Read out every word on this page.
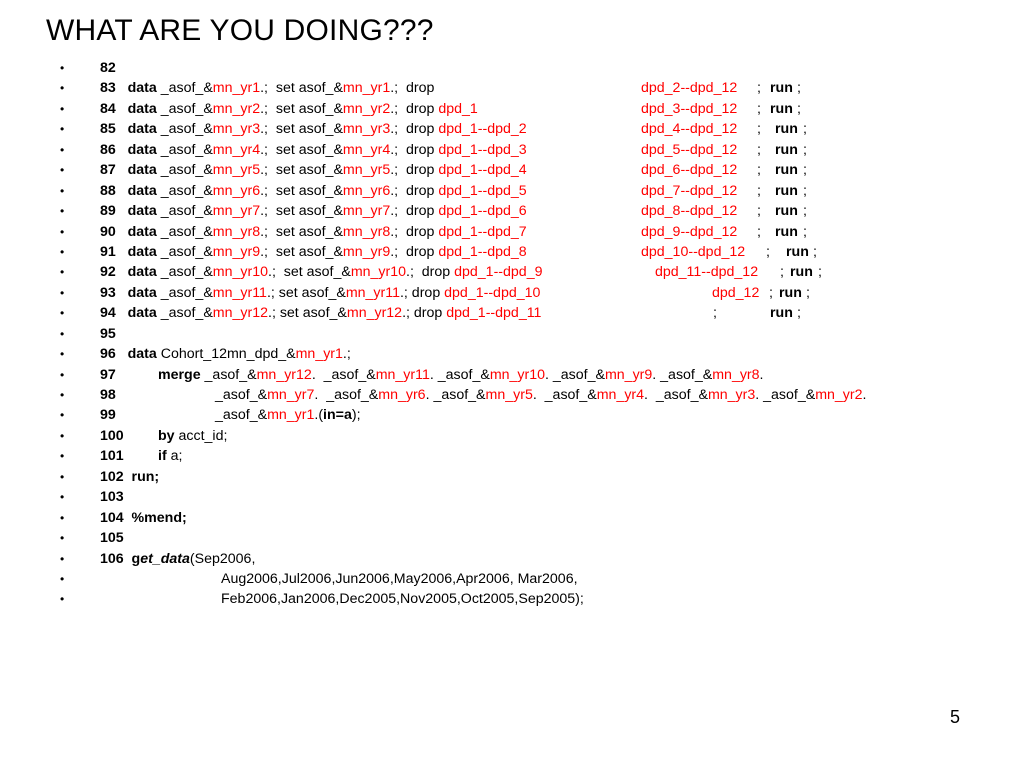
WHAT ARE YOU DOING???
•	82
•	83   data _asof_&mn_yr1.;  set asof_&mn_yr1.;  drop	dpd_2--dpd_12 ; run ;
•	84   data _asof_&mn_yr2.;  set asof_&mn_yr2.;  drop dpd_1	dpd_3--dpd_12 ; run ;
•	85   data _asof_&mn_yr3.;  set asof_&mn_yr3.;  drop dpd_1--dpd_2	dpd_4--dpd_12 ; run ;
•	86   data _asof_&mn_yr4.;  set asof_&mn_yr4.;  drop dpd_1--dpd_3	dpd_5--dpd_12 ; run ;
•	87   data _asof_&mn_yr5.;  set asof_&mn_yr5.;  drop dpd_1--dpd_4	dpd_6--dpd_12 ; run ;
•	88   data _asof_&mn_yr6.;  set asof_&mn_yr6.;  drop dpd_1--dpd_5	dpd_7--dpd_12 ; run ;
•	89   data _asof_&mn_yr7.;  set asof_&mn_yr7.;  drop dpd_1--dpd_6	dpd_8--dpd_12 ; run ;
•	90   data _asof_&mn_yr8.;  set asof_&mn_yr8.;  drop dpd_1--dpd_7	dpd_9--dpd_12 ; run ;
•	91   data _asof_&mn_yr9.;  set asof_&mn_yr9.;  drop dpd_1--dpd_8	dpd_10--dpd_12 ; run ;
•	92   data _asof_&mn_yr10.;  set asof_&mn_yr10.;  drop dpd_1--dpd_9	dpd_11--dpd_12 ; run ;
•	93   data _asof_&mn_yr11.; set asof_&mn_yr11.; drop dpd_1--dpd_10	dpd_12 ; run ;
•	94   data _asof_&mn_yr12.; set asof_&mn_yr12.; drop dpd_1--dpd_11	;	run ;
•	95
•	96   data Cohort_12mn_dpd_&mn_yr1.;
•	97	merge _asof_&mn_yr12.  _asof_&mn_yr11. _asof_&mn_yr10. _asof_&mn_yr9. _asof_&mn_yr8.
•	98	_asof_&mn_yr7.  _asof_&mn_yr6. _asof_&mn_yr5.  _asof_&mn_yr4.  _asof_&mn_yr3. _asof_&mn_yr2.
•	99	_asof_&mn_yr1.(in=a);
•	100 by acct_id;
•	101 if a;
•	102  run;
•	103
•	104  %mend;
•	105
•	106  get_data(Sep2006,
•	Aug2006,Jul2006,Jun2006,May2006,Apr2006, Mar2006,
•	Feb2006,Jan2006,Dec2005,Nov2005,Oct2005,Sep2005);
5
